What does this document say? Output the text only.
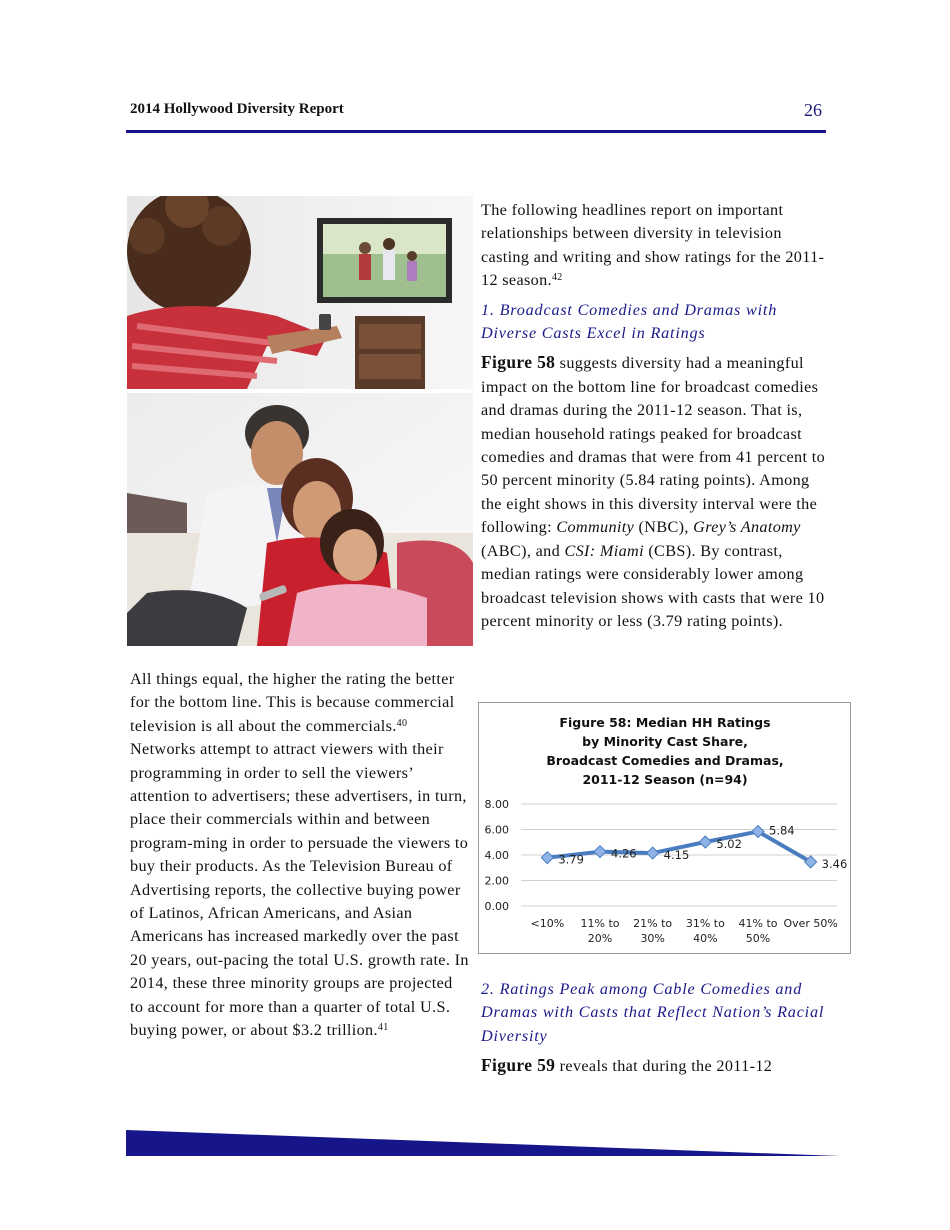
2014 Hollywood Diversity Report	26

All things equal, the higher the rating the better for the bottom line. This is because commercial television is all about the commercials.$^{40}$ Networks attempt to attract viewers with their programming in order to sell the viewers’ attention to advertisers; these advertisers, in turn, place their commercials within and between program-ming in order to persuade the viewers to buy their products. As the Television Bureau of Advertising reports, the collective buying power of Latinos, African Americans, and Asian Americans has increased markedly over the past 20 years, out-pacing the total U.S. growth rate. In 2014, these three minority groups are projected to account for more than a quarter of total U.S. buying power, or about $3.2 trillion.$^{41}$

The following headlines report on important relationships between diversity in television casting and writing and show ratings for the 2011-12 season.$^{42}$

1. Broadcast Comedies and Dramas with Diverse Casts Excel in Ratings

Figure 58 suggests diversity had a meaningful impact on the bottom line for broadcast comedies and dramas during the 2011-12 season. That is, median household ratings peaked for broadcast comedies and dramas that were from 41 percent to 50 percent minority (5.84 rating points). Among the eight shows in this diversity interval were the following: Community (NBC), Grey’s Anatomy (ABC), and CSI: Miami (CBS). By contrast, median ratings were considerably lower among broadcast television shows with casts that were 10 percent minority or less (3.79 rating points).

Figure 58: Median HH Ratings
by Minority Cast Share,
Broadcast Comedies and Dramas,
2011-12 Season (n=94)
0.00
2.00
4.00
6.00
8.00
<10% 11% to
20%
21% to
30%
31% to
40%
41% to
50%
Over 50%
3.79 4.26 4.15
5.02
5.84
3.46

2. Ratings Peak among Cable Comedies and Dramas with Casts that Reflect Nation’s Racial Diversity

Figure 59 reveals that during the 2011-12
